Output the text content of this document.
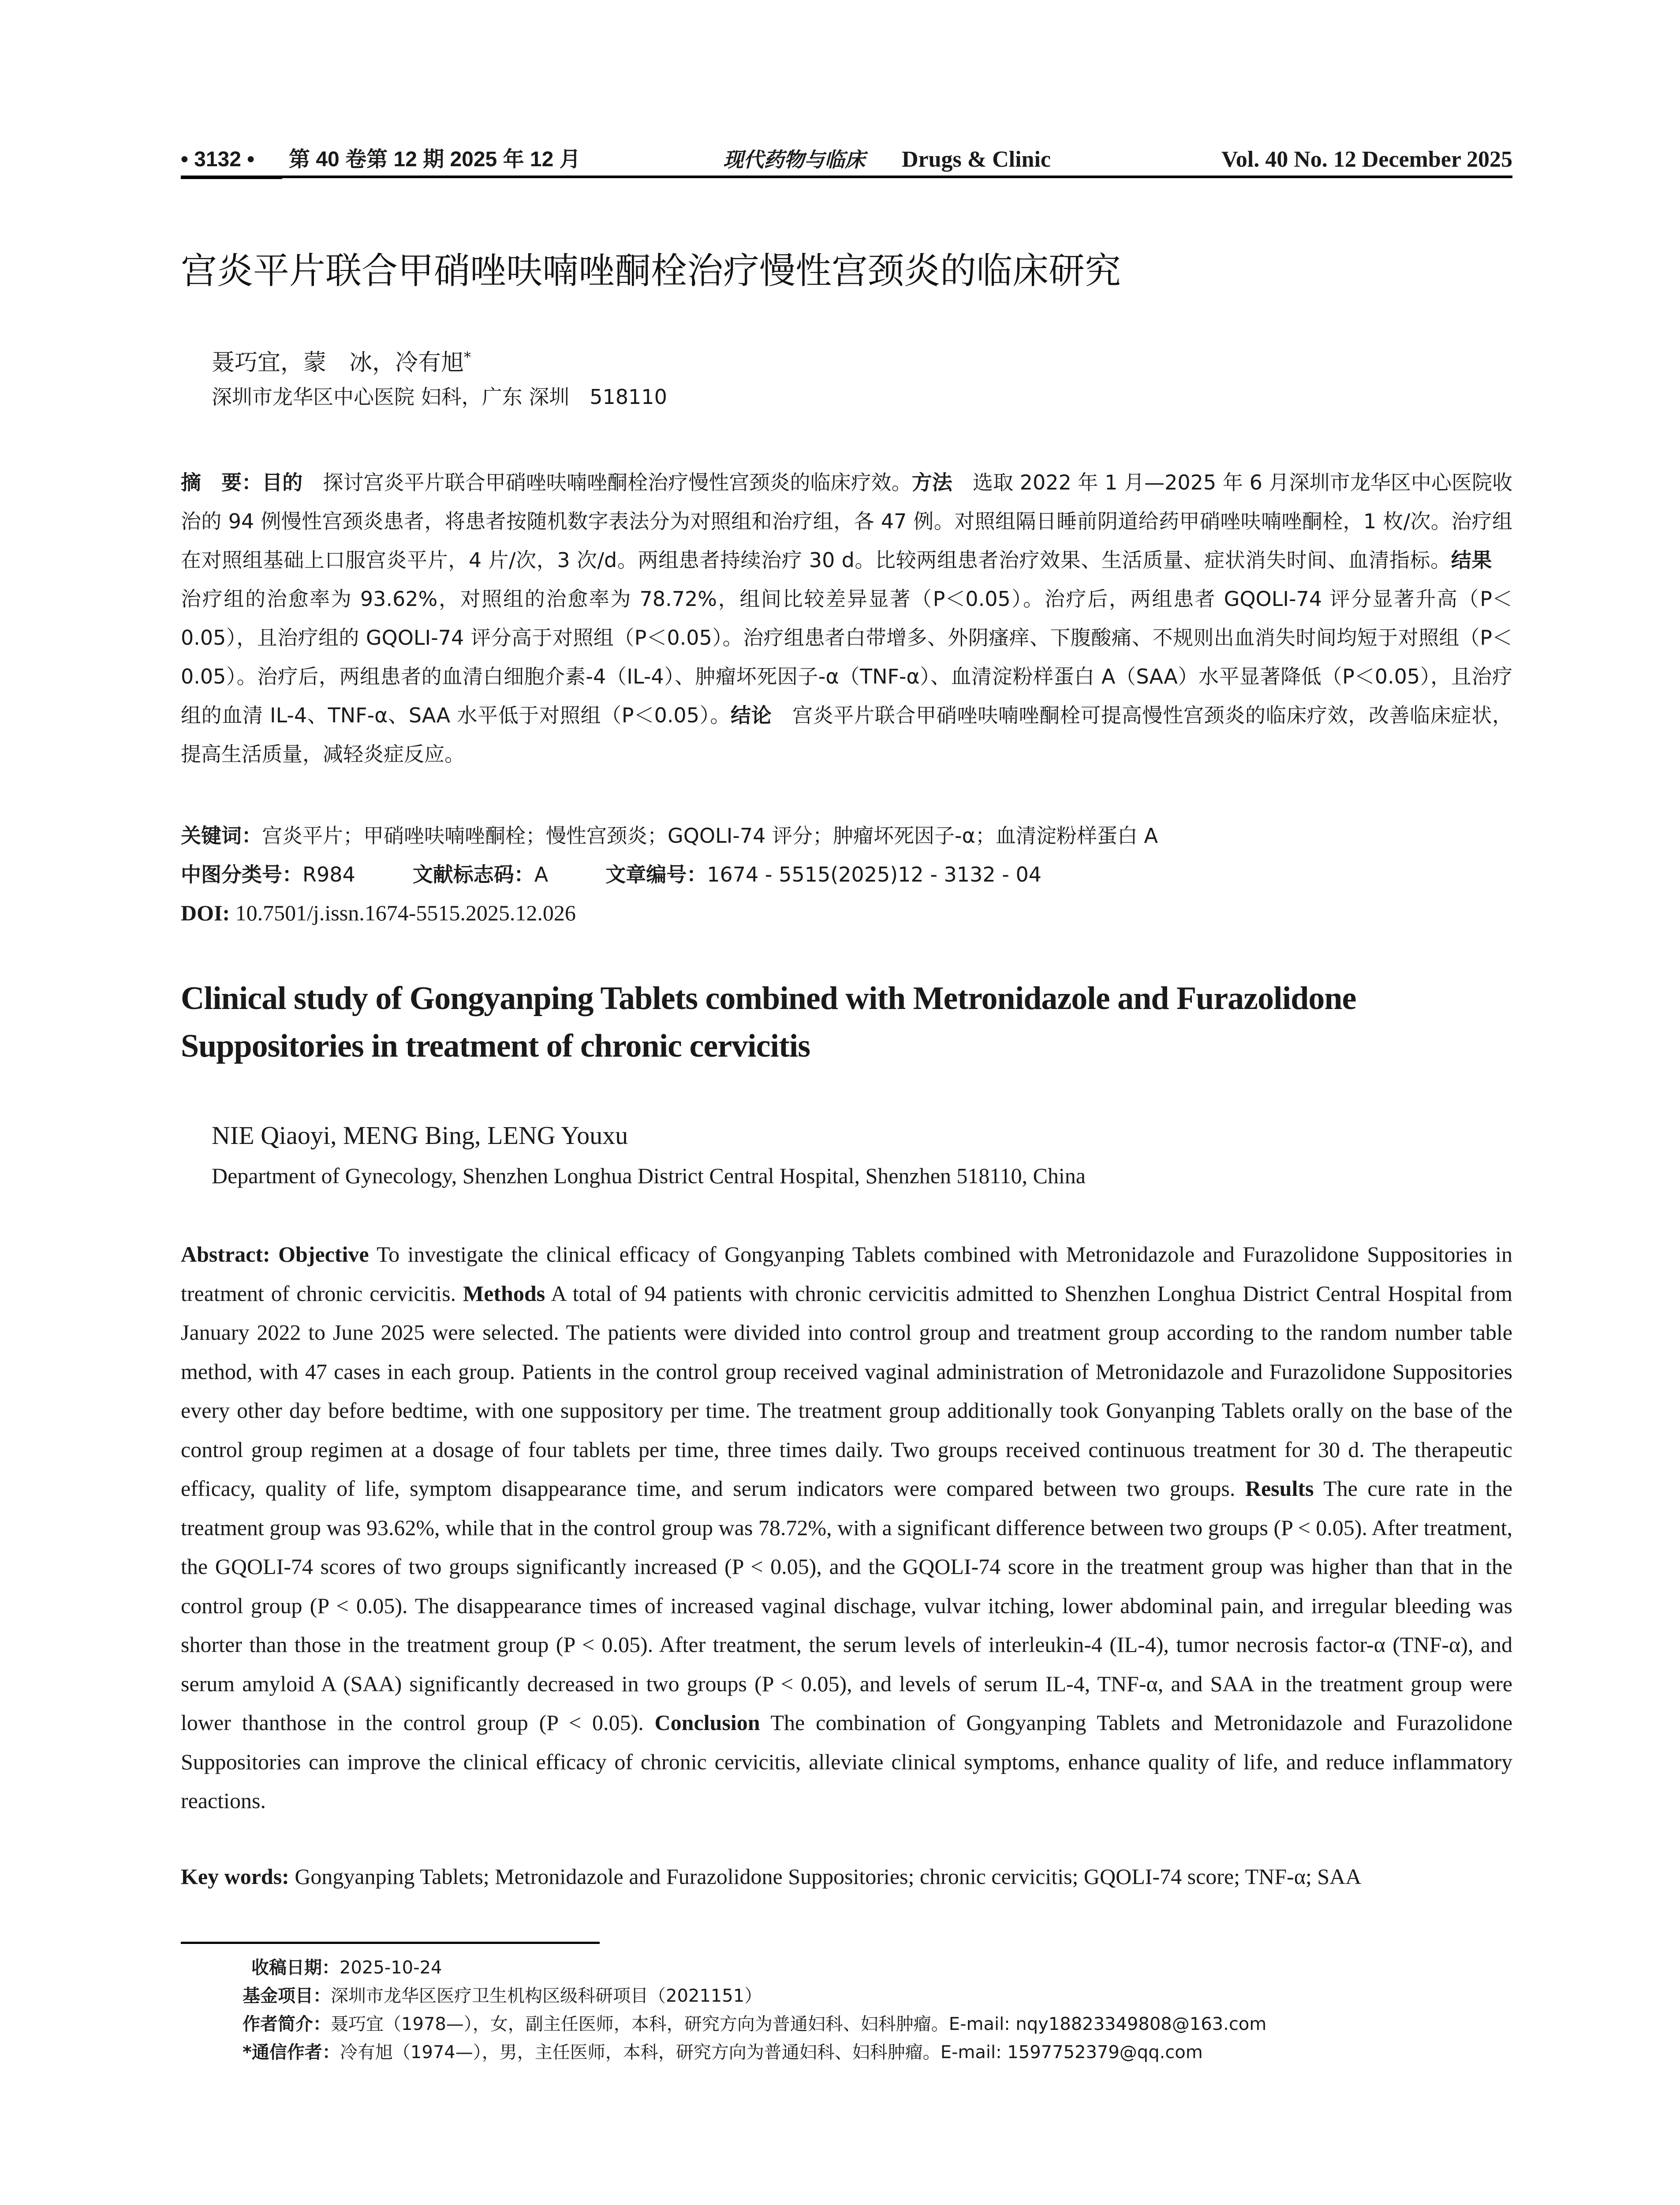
• 3132 •	第 40 卷第 12 期 2025 年 12 月	现代药物与临床	Drugs & Clinic	Vol. 40 No. 12 December 2025
宫炎平片联合甲硝唑呋喃唑酮栓治疗慢性宫颈炎的临床研究
聂巧宜，蒙　冰，冷有旭*
深圳市龙华区中心医院 妇科，广东 深圳　518110
摘　要：目的　探讨宫炎平片联合甲硝唑呋喃唑酮栓治疗慢性宫颈炎的临床疗效。方法　选取 2022 年 1 月—2025 年 6 月深圳市龙华区中心医院收治的 94 例慢性宫颈炎患者，将患者按随机数字表法分为对照组和治疗组，各 47 例。对照组隔日睡前阴道给药甲硝唑呋喃唑酮栓，1 枚/次。治疗组在对照组基础上口服宫炎平片，4 片/次，3 次/d。两组患者持续治疗 30 d。比较两组患者治疗效果、生活质量、症状消失时间、血清指标。结果　治疗组的治愈率为 93.62%，对照组的治愈率为 78.72%，组间比较差异显著（P＜0.05）。治疗后，两组患者 GQOLI-74 评分显著升高（P＜0.05），且治疗组的 GQOLI-74 评分高于对照组（P＜0.05）。治疗组患者白带增多、外阴瘙痒、下腹酸痛、不规则出血消失时间均短于对照组（P＜0.05）。治疗后，两组患者的血清白细胞介素-4（IL-4）、肿瘤坏死因子-α（TNF-α）、血清淀粉样蛋白 A（SAA）水平显著降低（P＜0.05），且治疗组的血清 IL-4、TNF-α、SAA 水平低于对照组（P＜0.05）。结论　宫炎平片联合甲硝唑呋喃唑酮栓可提高慢性宫颈炎的临床疗效，改善临床症状，提高生活质量，减轻炎症反应。
关键词：宫炎平片；甲硝唑呋喃唑酮栓；慢性宫颈炎；GQOLI-74 评分；肿瘤坏死因子-α；血清淀粉样蛋白 A
中图分类号：R984	文献标志码：A	文章编号：1674 - 5515(2025)12 - 3132 - 04
DOI: 10.7501/j.issn.1674-5515.2025.12.026
Clinical study of Gongyanping Tablets combined with Metronidazole and Furazolidone Suppositories in treatment of chronic cervicitis
NIE Qiaoyi, MENG Bing, LENG Youxu
Department of Gynecology, Shenzhen Longhua District Central Hospital, Shenzhen 518110, China
Abstract: Objective To investigate the clinical efficacy of Gongyanping Tablets combined with Metronidazole and Furazolidone Suppositories in treatment of chronic cervicitis. Methods A total of 94 patients with chronic cervicitis admitted to Shenzhen Longhua District Central Hospital from January 2022 to June 2025 were selected. The patients were divided into control group and treatment group according to the random number table method, with 47 cases in each group. Patients in the control group received vaginal administration of Metronidazole and Furazolidone Suppositories every other day before bedtime, with one suppository per time. The treatment group additionally took Gonyanping Tablets orally on the base of the control group regimen at a dosage of four tablets per time, three times daily. Two groups received continuous treatment for 30 d. The therapeutic efficacy, quality of life, symptom disappearance time, and serum indicators were compared between two groups. Results The cure rate in the treatment group was 93.62%, while that in the control group was 78.72%, with a significant difference between two groups (P < 0.05). After treatment, the GQOLI-74 scores of two groups significantly increased (P < 0.05), and the GQOLI-74 score in the treatment group was higher than that in the control group (P < 0.05). The disappearance times of increased vaginal dischage, vulvar itching, lower abdominal pain, and irregular bleeding was shorter than those in the treatment group (P < 0.05). After treatment, the serum levels of interleukin-4 (IL-4), tumor necrosis factor-α (TNF-α), and serum amyloid A (SAA) significantly decreased in two groups (P < 0.05), and levels of serum IL-4, TNF-α, and SAA in the treatment group were lower thanthose in the control group (P < 0.05). Conclusion The combination of Gongyanping Tablets and Metronidazole and Furazolidone Suppositories can improve the clinical efficacy of chronic cervicitis, alleviate clinical symptoms, enhance quality of life, and reduce inflammatory reactions.
Key words: Gongyanping Tablets; Metronidazole and Furazolidone Suppositories; chronic cervicitis; GQOLI-74 score; TNF-α; SAA
收稿日期：2025-10-24
基金项目：深圳市龙华区医疗卫生机构区级科研项目（2021151）
作者简介：聂巧宜（1978—），女，副主任医师，本科，研究方向为普通妇科、妇科肿瘤。E-mail: nqy18823349808@163.com
*通信作者：冷有旭（1974—），男，主任医师，本科，研究方向为普通妇科、妇科肿瘤。E-mail: 1597752379@qq.com
